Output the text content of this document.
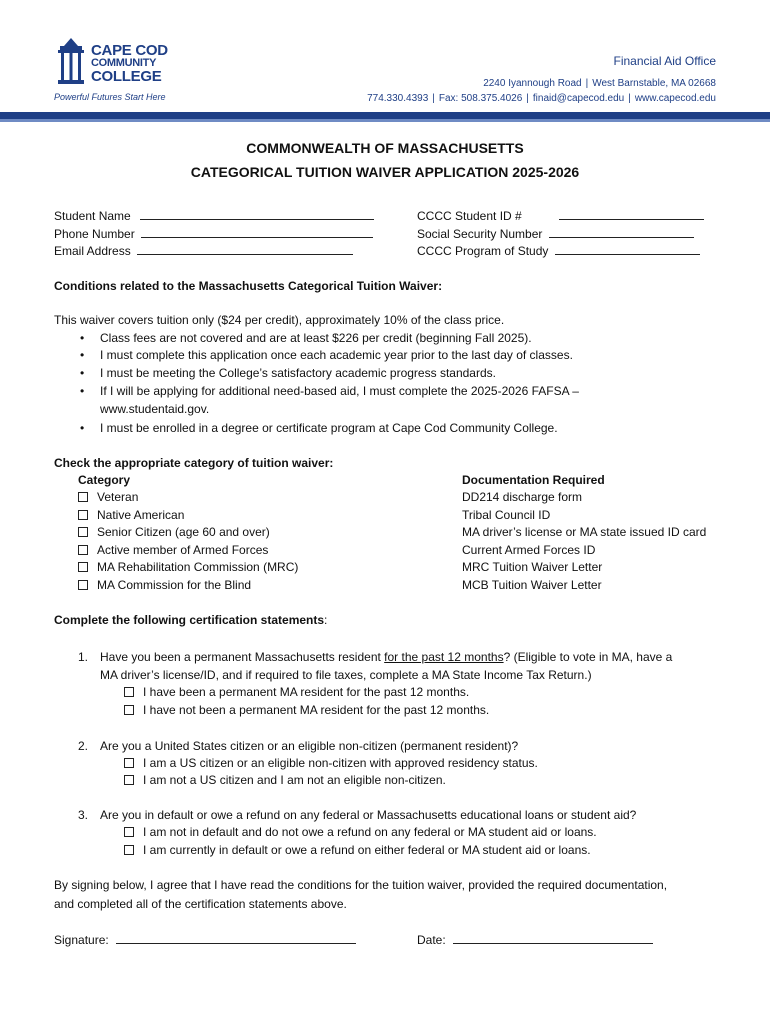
CAPE COD
COMMUNITY
COLLEGE
Powerful Futures Start Here
Financial Aid Office
2240 Iyannough Road | West Barnstable, MA 02668
774.330.4393 | Fax: 508.375.4026 | finaid@capecod.edu | www.capecod.edu
COMMONWEALTH OF MASSACHUSETTS
CATEGORICAL TUITION WAIVER APPLICATION 2025-2026
Student Name
Phone Number
Email Address
CCCC Student ID #
Social Security Number
CCCC Program of Study
Conditions related to the Massachusetts Categorical Tuition Waiver:
This waiver covers tuition only ($24 per credit), approximately 10% of the class price.
• Class fees are not covered and are at least $226 per credit (beginning Fall 2025).
• I must complete this application once each academic year prior to the last day of classes.
• I must be meeting the College’s satisfactory academic progress standards.
• If I will be applying for additional need-based aid, I must complete the 2025-2026 FAFSA –
www.studentaid.gov.
• I must be enrolled in a degree or certificate program at Cape Cod Community College.
Check the appropriate category of tuition waiver:
Category	Documentation Required
Veteran
Native American
Senior Citizen (age 60 and over)
Active member of Armed Forces
MA Rehabilitation Commission (MRC)
MA Commission for the Blind
DD214 discharge form
Tribal Council ID
MA driver’s license or MA state issued ID card
Current Armed Forces ID
MRC Tuition Waiver Letter
MCB Tuition Waiver Letter
Complete the following certification statements:
1. Have you been a permanent Massachusetts resident for the past 12 months? (Eligible to vote in MA, have a
MA driver’s license/ID, and if required to file taxes, complete a MA State Income Tax Return.)
I have been a permanent MA resident for the past 12 months.
I have not been a permanent MA resident for the past 12 months.
2. Are you a United States citizen or an eligible non-citizen (permanent resident)?
I am a US citizen or an eligible non-citizen with approved residency status.
I am not a US citizen and I am not an eligible non-citizen.
3. Are you in default or owe a refund on any federal or Massachusetts educational loans or student aid?
I am not in default and do not owe a refund on any federal or MA student aid or loans.
I am currently in default or owe a refund on either federal or MA student aid or loans.
By signing below, I agree that I have read the conditions for the tuition waiver, provided the required documentation,
and completed all of the certification statements above.
Signature:	Date:
